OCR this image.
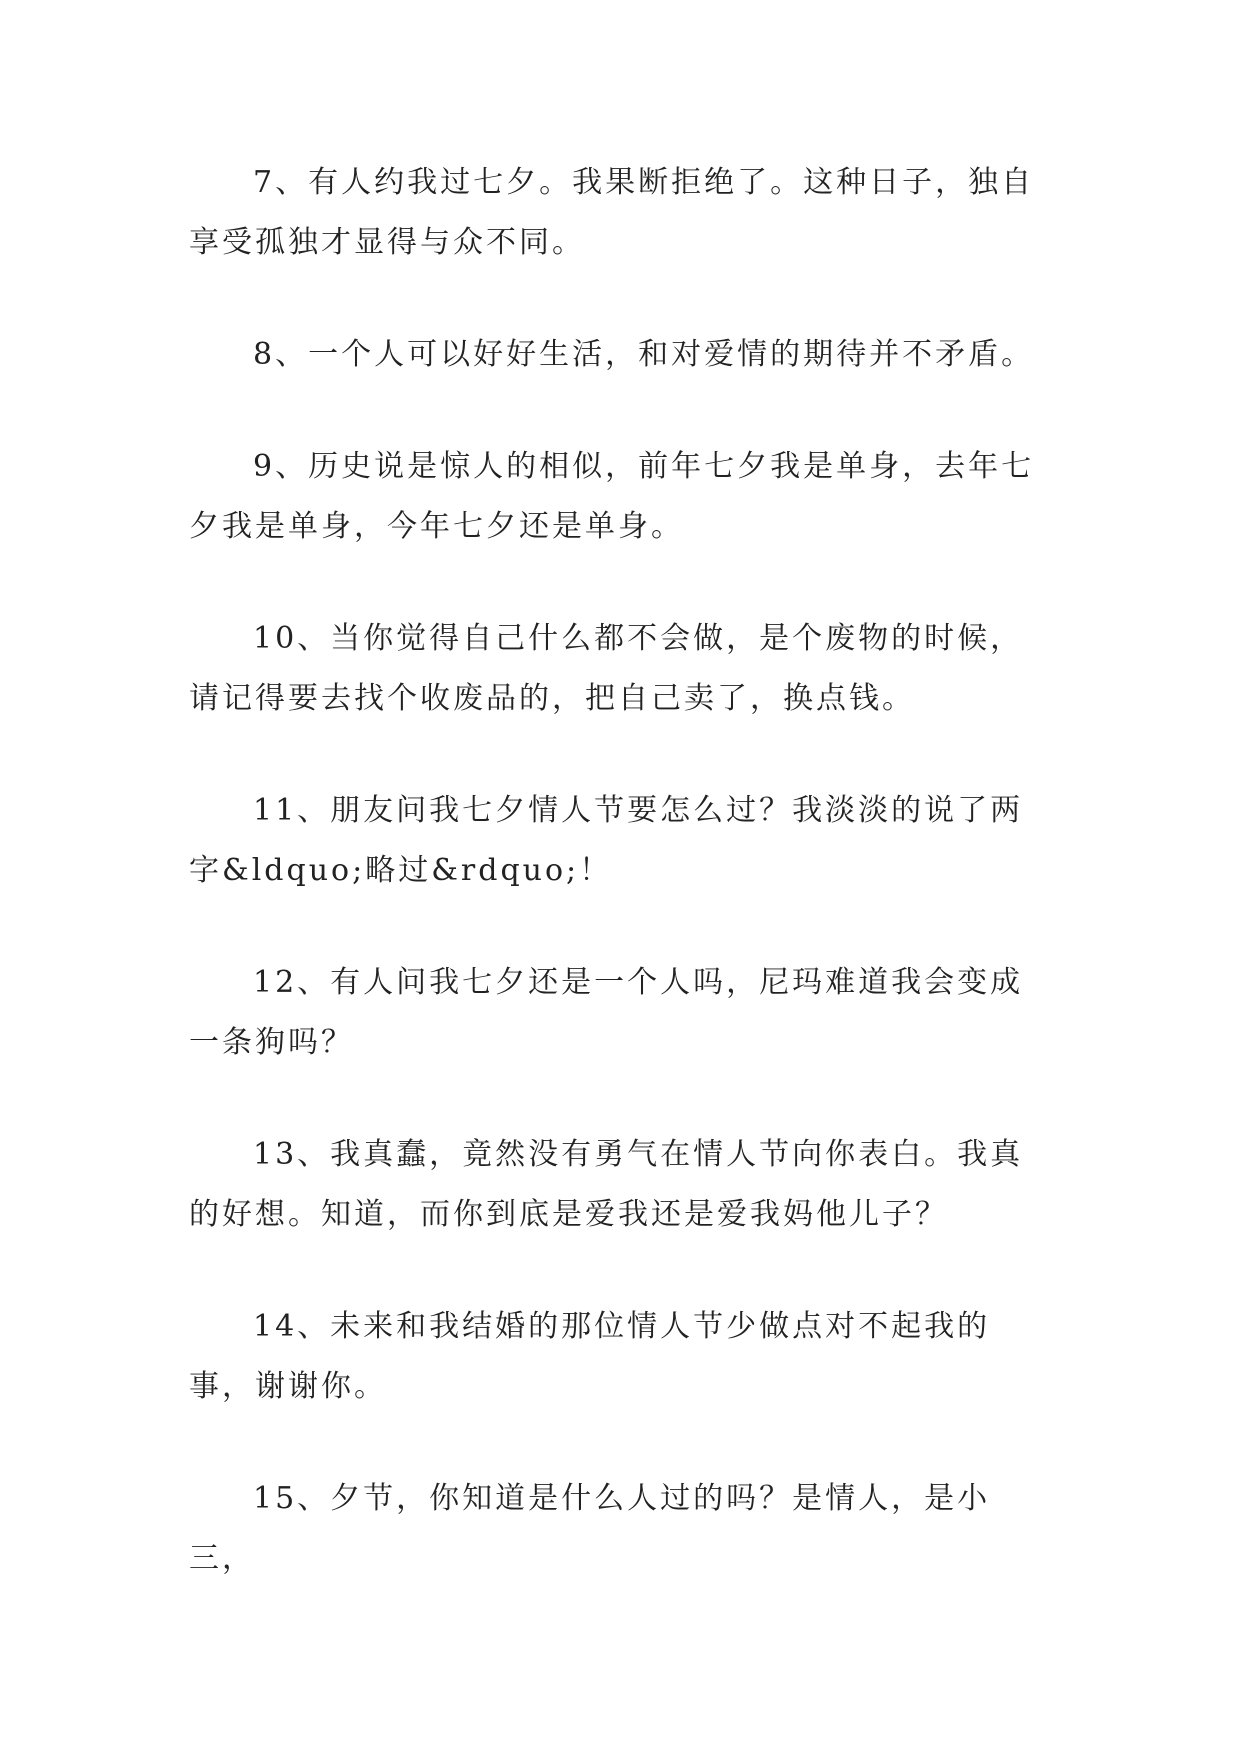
7、有人约我过七夕。我果断拒绝了。这种日子，独自享受孤独才显得与众不同。

8、一个人可以好好生活，和对爱情的期待并不矛盾。

9、历史说是惊人的相似，前年七夕我是单身，去年七夕我是单身，今年七夕还是单身。

10、当你觉得自己什么都不会做，是个废物的时候，请记得要去找个收废品的，把自己卖了，换点钱。

11、朋友问我七夕情人节要怎么过？我淡淡的说了两字&ldquo;略过&rdquo;！

12、有人问我七夕还是一个人吗，尼玛难道我会变成一条狗吗？

13、我真蠢，竟然没有勇气在情人节向你表白。我真的好想。知道，而你到底是爱我还是爱我妈他儿子？

14、未来和我结婚的那位情人节少做点对不起我的事，谢谢你。

15、夕节，你知道是什么人过的吗？是情人，是小三，
